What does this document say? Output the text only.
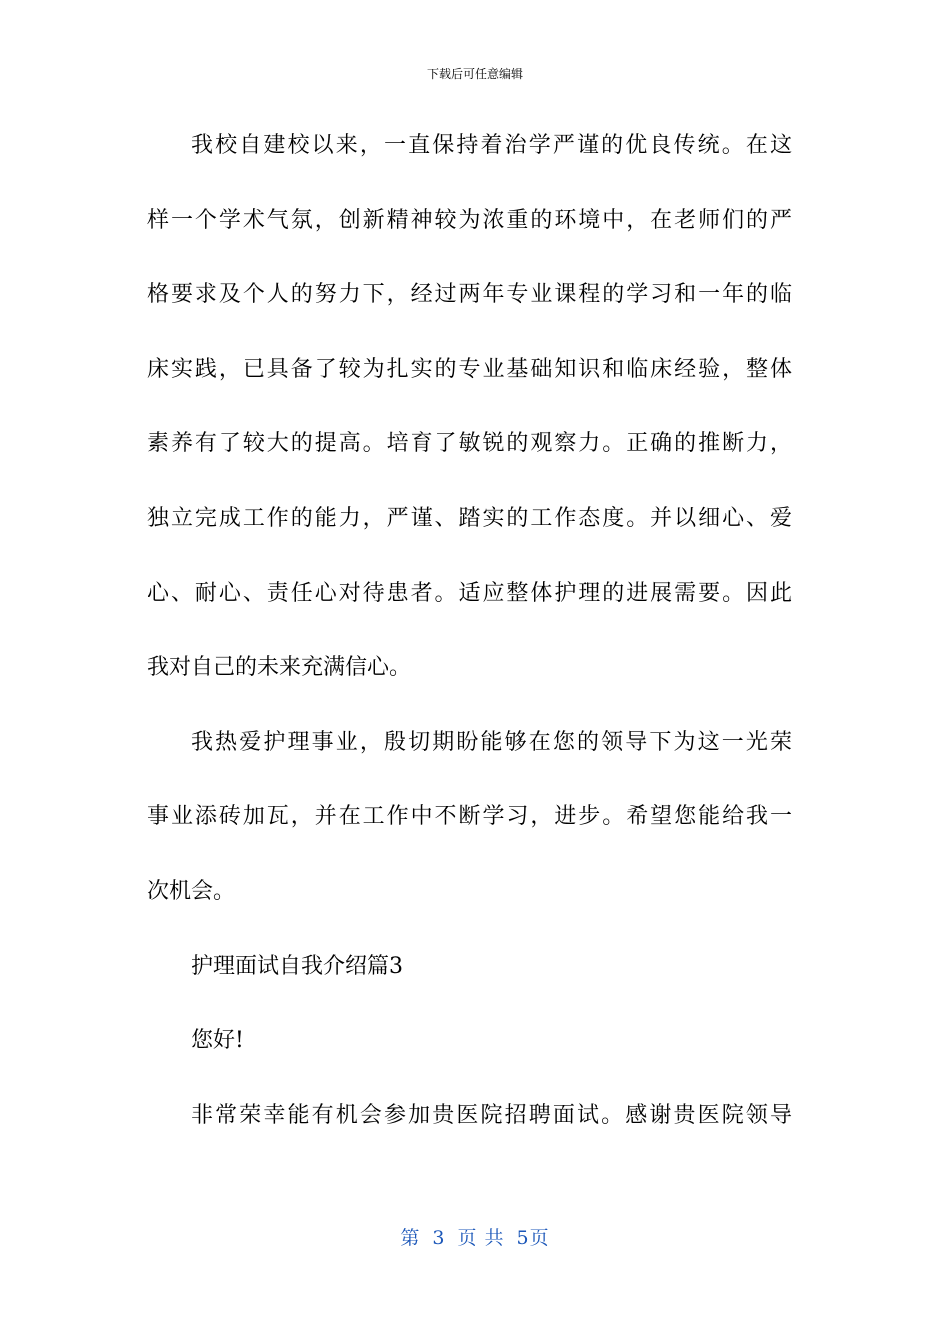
下载后可任意编辑
我校自建校以来，一直保持着治学严谨的优良传统。在这
样一个学术气氛，创新精神较为浓重的环境中，在老师们的严
格要求及个人的努力下，经过两年专业课程的学习和一年的临
床实践，已具备了较为扎实的专业基础知识和临床经验，整体
素养有了较大的提高。培育了敏锐的观察力。正确的推断力，
独立完成工作的能力，严谨、踏实的工作态度。并以细心、爱
心、耐心、责任心对待患者。适应整体护理的进展需要。因此
我对自己的未来充满信心。
我热爱护理事业，殷切期盼能够在您的领导下为这一光荣
事业添砖加瓦，并在工作中不断学习，进步。希望您能给我一
次机会。
护理面试自我介绍篇3
您好!
非常荣幸能有机会参加贵医院招聘面试。感谢贵医院领导
第 3 页 共 5页
